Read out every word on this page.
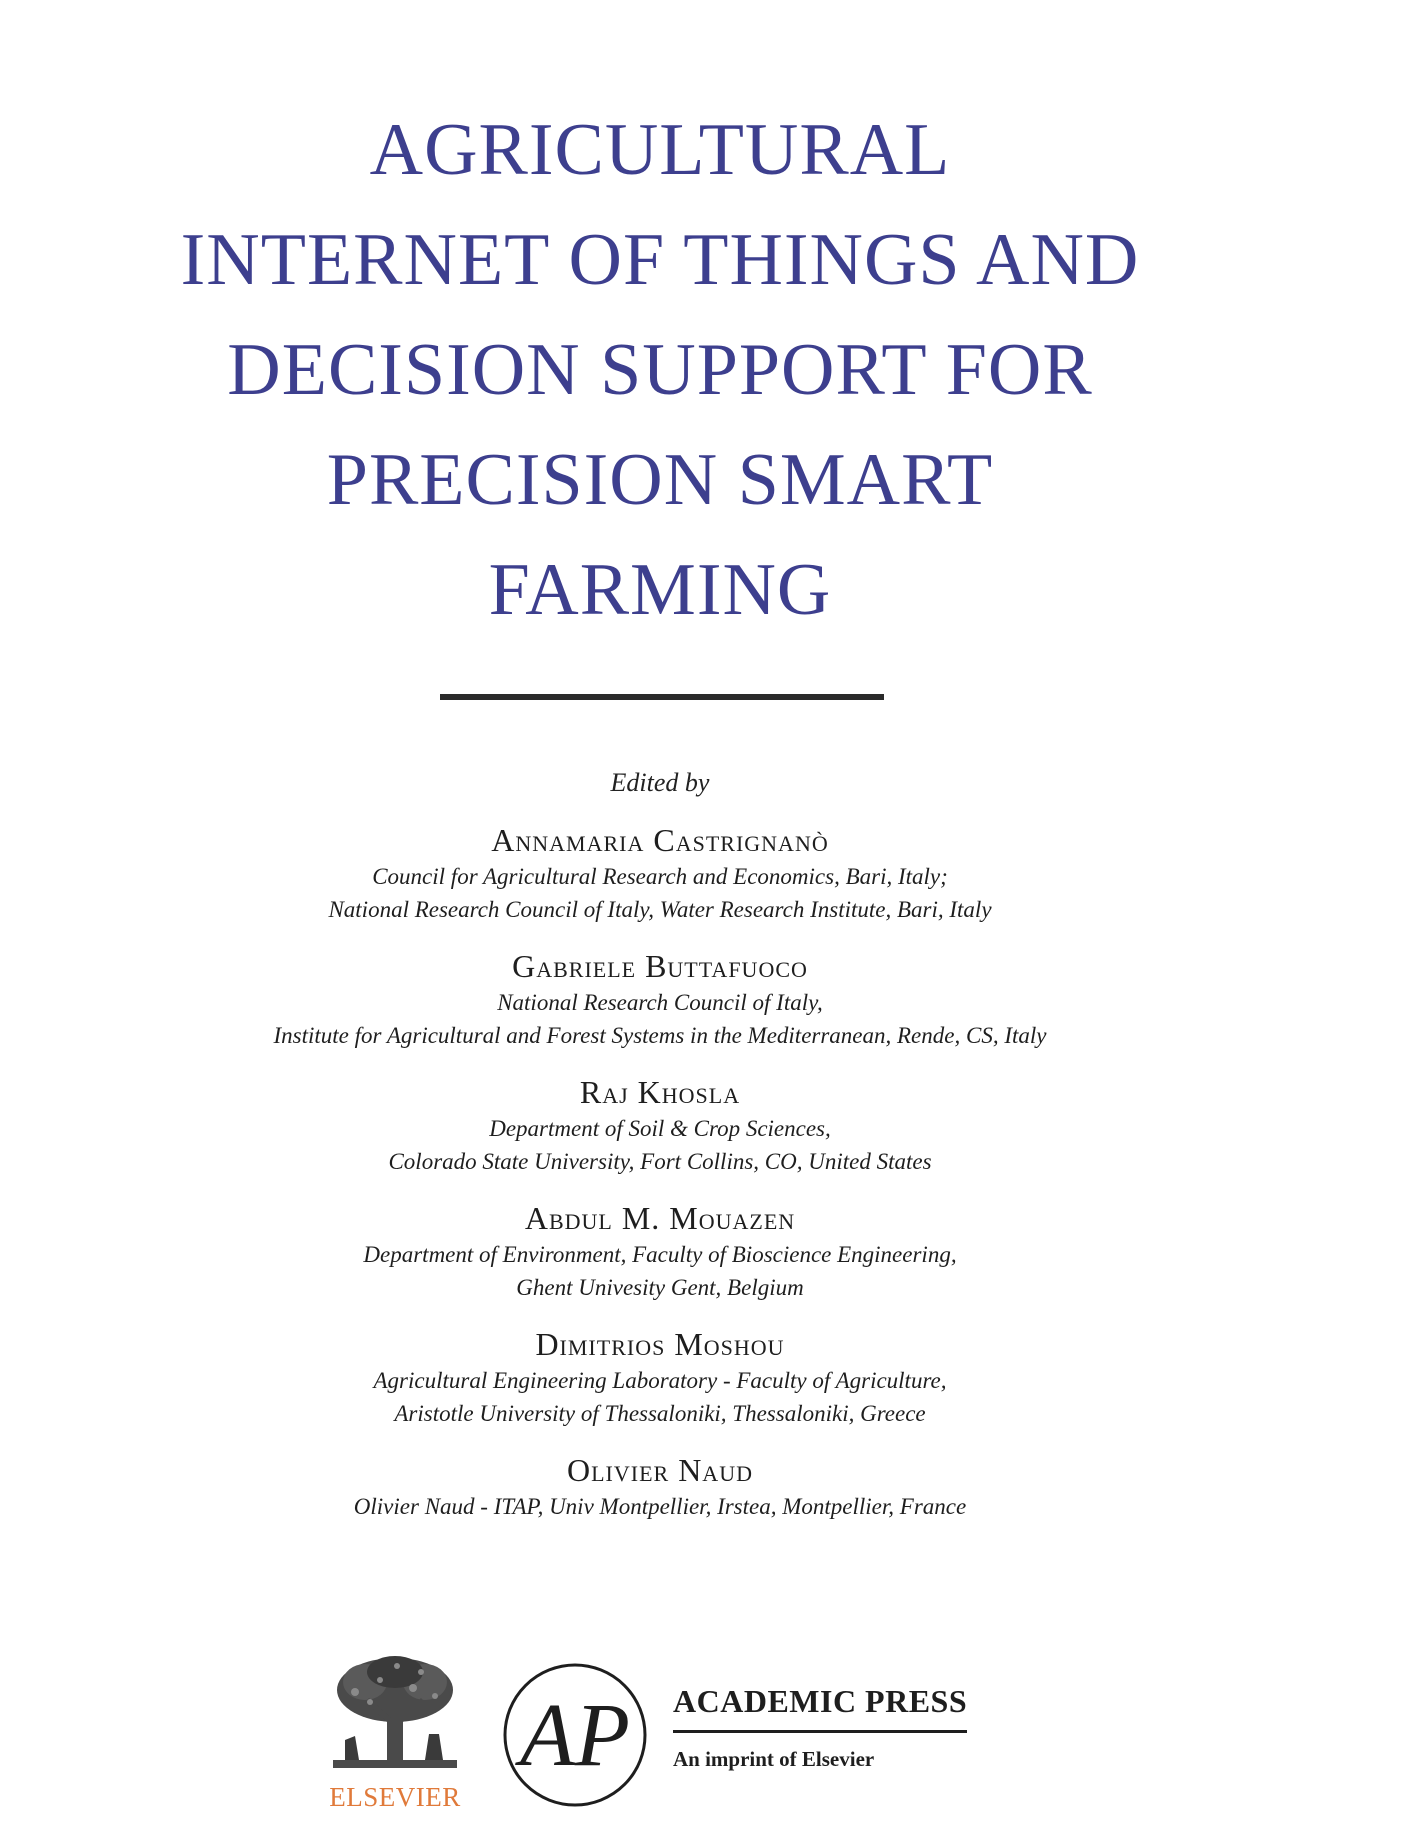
AGRICULTURAL
INTERNET OF THINGS AND
DECISION SUPPORT FOR
PRECISION SMART
FARMING
Edited by
Annamaria Castrignanò
Council for Agricultural Research and Economics, Bari, Italy;
National Research Council of Italy, Water Research Institute, Bari, Italy
Gabriele Buttafuoco
National Research Council of Italy,
Institute for Agricultural and Forest Systems in the Mediterranean, Rende, CS, Italy
Raj Khosla
Department of Soil & Crop Sciences,
Colorado State University, Fort Collins, CO, United States
Abdul M. Mouazen
Department of Environment, Faculty of Bioscience Engineering,
Ghent Univesity Gent, Belgium
Dimitrios Moshou
Agricultural Engineering Laboratory - Faculty of Agriculture,
Aristotle University of Thessaloniki, Thessaloniki, Greece
Olivier Naud
Olivier Naud - ITAP, Univ Montpellier, Irstea, Montpellier, France
ELSEVIER
AP ACADEMIC PRESS
An imprint of Elsevier
